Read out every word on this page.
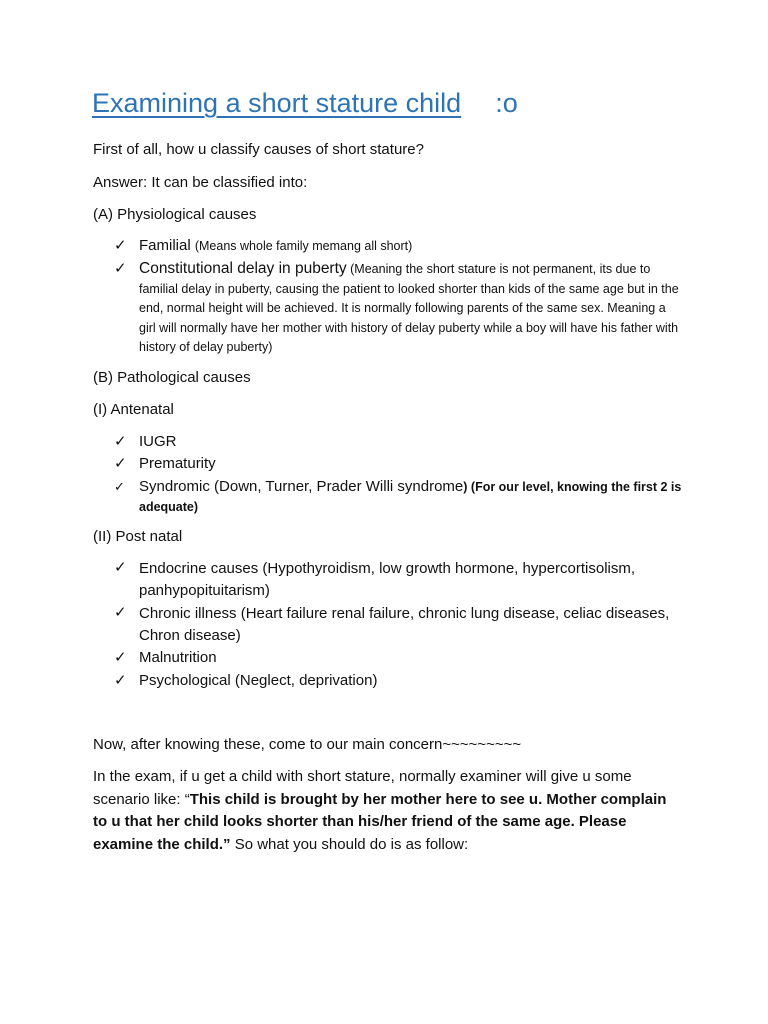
Examining a short stature child :o

First of all, how u classify causes of short stature?

Answer: It can be classified into:

(A) Physiological causes

✓ Familial (Means whole family memang all short)

✓ Constitutional delay in puberty (Meaning the short stature is not permanent, its due to familial delay in puberty, causing the patient to looked shorter than kids of the same age but in the end, normal height will be achieved. It is normally following parents of the same sex. Meaning a girl will normally have her mother with history of delay puberty while a boy will have his father with history of delay puberty)

(B) Pathological causes

(I) Antenatal

✓ IUGR

✓ Prematurity

✓ Syndromic (Down, Turner, Prader Willi syndrome) (For our level, knowing the first 2 is adequate)

(II) Post natal

✓ Endocrine causes (Hypothyroidism, low growth hormone, hypercortisolism, panhypopituitarism)

✓ Chronic illness (Heart failure renal failure, chronic lung disease, celiac diseases, Chron disease)

✓ Malnutrition

✓ Psychological (Neglect, deprivation)

Now, after knowing these, come to our main concern~~~~~~~~~

In the exam, if u get a child with short stature, normally examiner will give u some scenario like: “This child is brought by her mother here to see u. Mother complain to u that her child looks shorter than his/her friend of the same age. Please examine the child.” So what you should do is as follow:
